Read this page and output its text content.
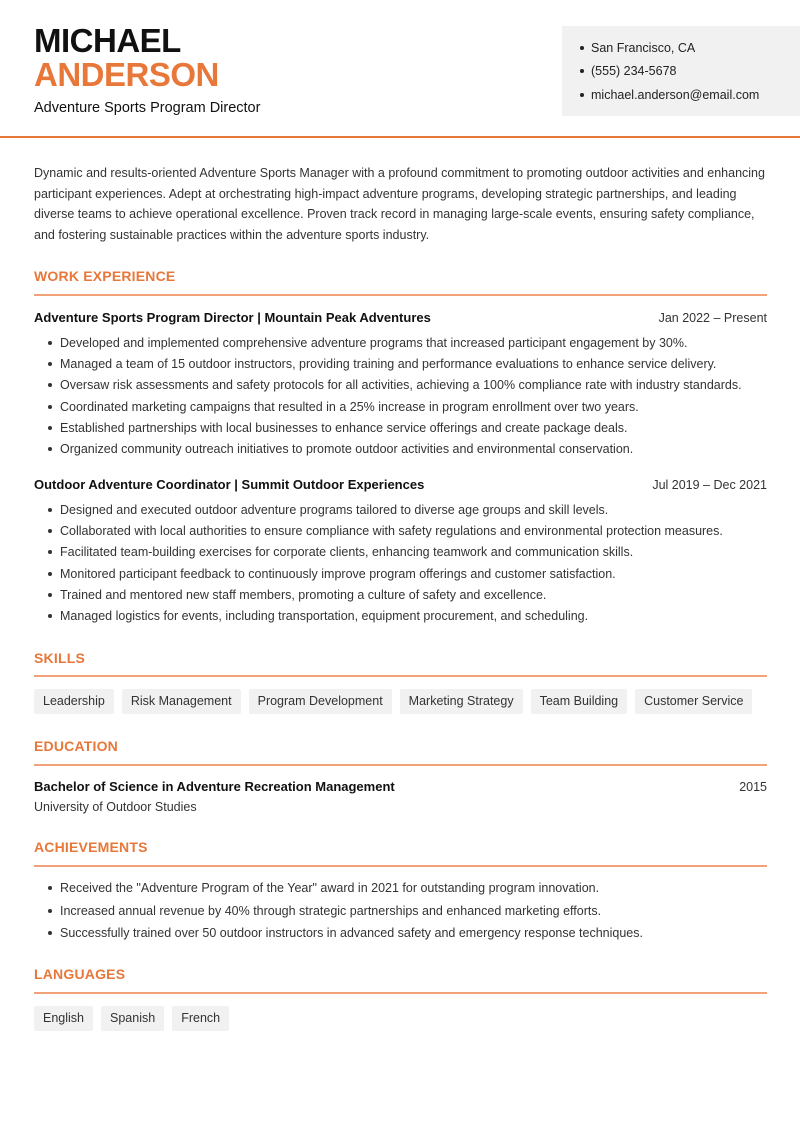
MICHAEL
ANDERSON
Adventure Sports Program Director
San Francisco, CA
(555) 234-5678
michael.anderson@email.com

Dynamic and results-oriented Adventure Sports Manager with a profound commitment to promoting outdoor activities and enhancing participant experiences. Adept at orchestrating high-impact adventure programs, developing strategic partnerships, and leading diverse teams to achieve operational excellence. Proven track record in managing large-scale events, ensuring safety compliance, and fostering sustainable practices within the adventure sports industry.

WORK EXPERIENCE
Adventure Sports Program Director | Mountain Peak Adventures	Jan 2022 – Present
Developed and implemented comprehensive adventure programs that increased participant engagement by 30%.
Managed a team of 15 outdoor instructors, providing training and performance evaluations to enhance service delivery.
Oversaw risk assessments and safety protocols for all activities, achieving a 100% compliance rate with industry standards.
Coordinated marketing campaigns that resulted in a 25% increase in program enrollment over two years.
Established partnerships with local businesses to enhance service offerings and create package deals.
Organized community outreach initiatives to promote outdoor activities and environmental conservation.
Outdoor Adventure Coordinator | Summit Outdoor Experiences	Jul 2019 – Dec 2021
Designed and executed outdoor adventure programs tailored to diverse age groups and skill levels.
Collaborated with local authorities to ensure compliance with safety regulations and environmental protection measures.
Facilitated team-building exercises for corporate clients, enhancing teamwork and communication skills.
Monitored participant feedback to continuously improve program offerings and customer satisfaction.
Trained and mentored new staff members, promoting a culture of safety and excellence.
Managed logistics for events, including transportation, equipment procurement, and scheduling.
SKILLS
Leadership	Risk Management	Program Development	Marketing Strategy	Team Building	Customer Service
EDUCATION
Bachelor of Science in Adventure Recreation Management	2015
University of Outdoor Studies
ACHIEVEMENTS
Received the "Adventure Program of the Year" award in 2021 for outstanding program innovation.
Increased annual revenue by 40% through strategic partnerships and enhanced marketing efforts.
Successfully trained over 50 outdoor instructors in advanced safety and emergency response techniques.
LANGUAGES
English	Spanish	French
